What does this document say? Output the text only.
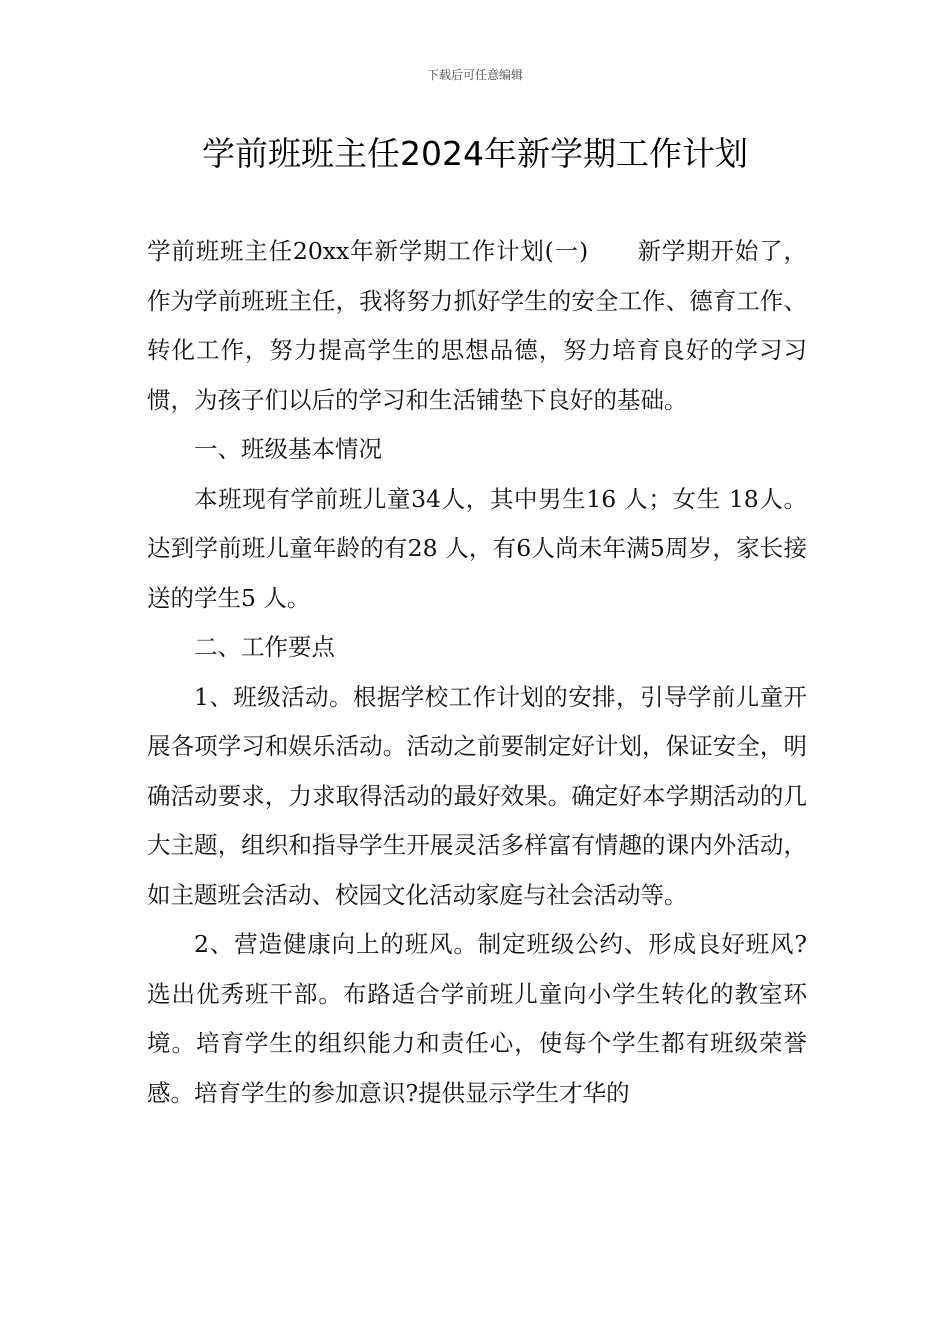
下载后可任意编辑
学前班班主任2024年新学期工作计划

学前班班主任20xx年新学期工作计划(一)　　新学期开始了，作为学前班班主任，我将努力抓好学生的安全工作、德育工作、转化工作，努力提高学生的思想品德，努力培育良好的学习习惯，为孩子们以后的学习和生活铺垫下良好的基础。

一、班级基本情况

本班现有学前班儿童34人，其中男生16 人；女生 18人。达到学前班儿童年龄的有28 人，有6人尚未年满5周岁，家长接送的学生5 人。

二、工作要点

1、班级活动。根据学校工作计划的安排，引导学前儿童开展各项学习和娱乐活动。活动之前要制定好计划，保证安全，明确活动要求，力求取得活动的最好效果。确定好本学期活动的几大主题，组织和指导学生开展灵活多样富有情趣的课内外活动，如主题班会活动、校园文化活动家庭与社会活动等。

2、营造健康向上的班风。制定班级公约、形成良好班风?选出优秀班干部。布路适合学前班儿童向小学生转化的教室环境。培育学生的组织能力和责任心，使每个学生都有班级荣誉感。培育学生的参加意识?提供显示学生才华的
